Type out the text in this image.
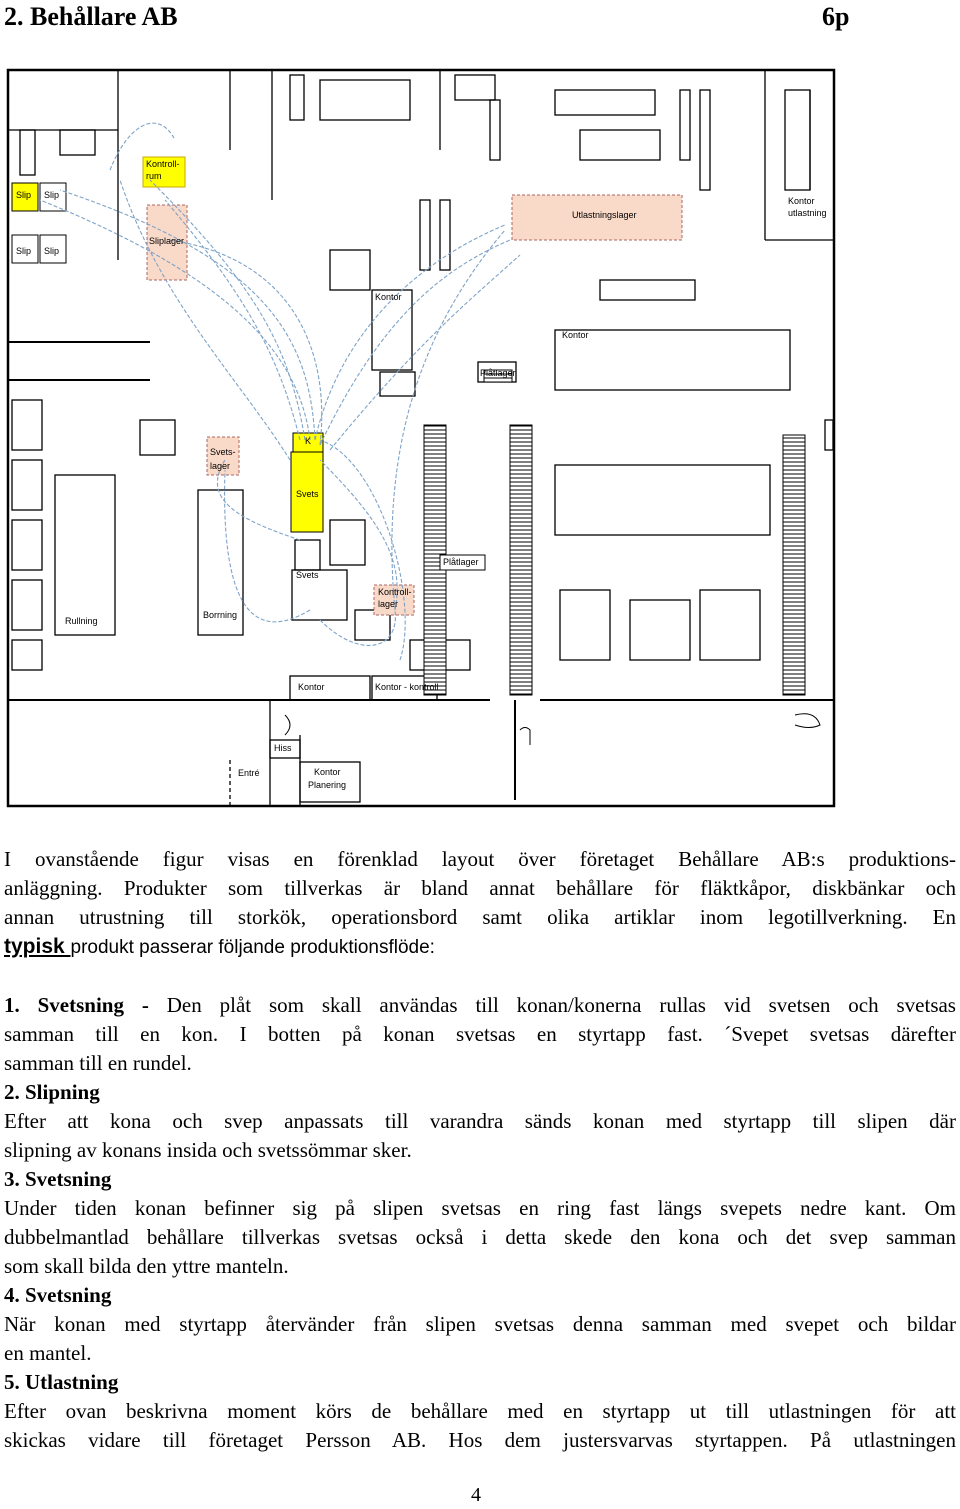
2. Behållare AB	6p
Kontroll-
rum
Slip Slip
Slip Slip
Sliplager
Utlastningslager
Kontor
utlastning
Kontor
Kontor
Plåtlager
Svets-
lager
K
Svets
Svets
Plåtlager
Kontroll-
lager
Rullning
Borrning
Kontor	Kontor - kontroll
Hiss
Entré	Kontor
Planering
I ovanstående figur visas en förenklad layout över företaget Behållare AB:s produktions-
anläggning. Produkter som tillverkas är bland annat behållare för fläktkåpor, diskbänkar och
annan utrustning till storkök, operationsbord samt olika artiklar inom legotillverkning. En
typisk produkt passerar följande produktionsflöde:
1. Svetsning - Den plåt som skall användas till konan/konerna rullas vid svetsen och svetsas
samman till en kon. I botten på konan svetsas en styrtapp fast. ´Svepet svetsas därefter
samman till en rundel.
2. Slipning
Efter att kona och svep anpassats till varandra sänds konan med styrtapp till slipen där
slipning av konans insida och svetssömmar sker.
3. Svetsning
Under tiden konan befinner sig på slipen svetsas en ring fast längs svepets nedre kant. Om
dubbelmantlad behållare tillverkas svetsas också i detta skede den kona och det svep samman
som skall bilda den yttre manteln.
4. Svetsning
När konan med styrtapp återvänder från slipen svetsas denna samman med svepet och bildar
en mantel.
5. Utlastning
Efter ovan beskrivna moment körs de behållare med en styrtapp ut till utlastningen för att
skickas vidare till företaget Persson AB. Hos dem justersvarvas styrtappen. På utlastningen
4
